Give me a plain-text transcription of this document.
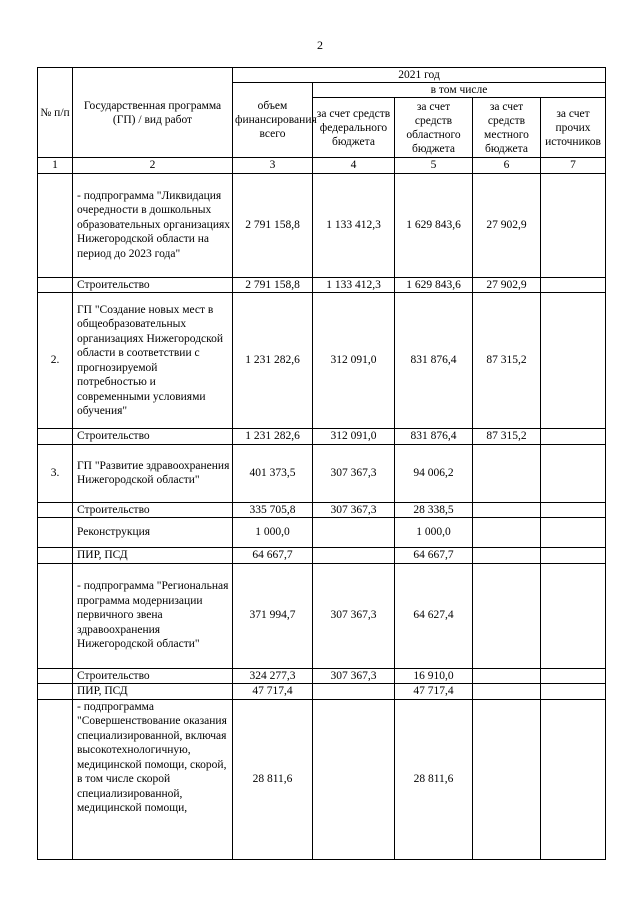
2
№ п/п	Государственная программа (ГП) / вид работ	2021 год				
		объем финансирования всего	в том числе			
			за счет средств федерального бюджета	за счет средств областного бюджета	за счет средств местного бюджета	за счет прочих источников
1	2	3	4	5	6	7
	- подпрограмма "Ликвидация очередности в дошкольных образовательных организациях Нижегородской области на период до 2023 года"	2 791 158,8	1 133 412,3	1 629 843,6	27 902,9	
	Строительство	2 791 158,8	1 133 412,3	1 629 843,6	27 902,9	
2.	ГП "Создание новых мест в общеобразовательных организациях Нижегородской области в соответствии с прогнозируемой потребностью и современными условиями обучения"	1 231 282,6	312 091,0	831 876,4	87 315,2	
	Строительство	1 231 282,6	312 091,0	831 876,4	87 315,2	
3.	ГП "Развитие здравоохранения Нижегородской области"	401 373,5	307 367,3	94 006,2		
	Строительство	335 705,8	307 367,3	28 338,5		
	Реконструкция	1 000,0		1 000,0		
	ПИР, ПСД	64 667,7		64 667,7		
	- подпрограмма "Региональная программа модернизации первичного звена здравоохранения Нижегородской области"	371 994,7	307 367,3	64 627,4		
	Строительство	324 277,3	307 367,3	16 910,0		
	ПИР, ПСД	47 717,4		47 717,4		
	- подпрограмма "Совершенствование оказания специализированной, включая высокотехнологичную, медицинской помощи, скорой, в том числе скорой специализированной, медицинской помощи,	28 811,6		28 811,6		
